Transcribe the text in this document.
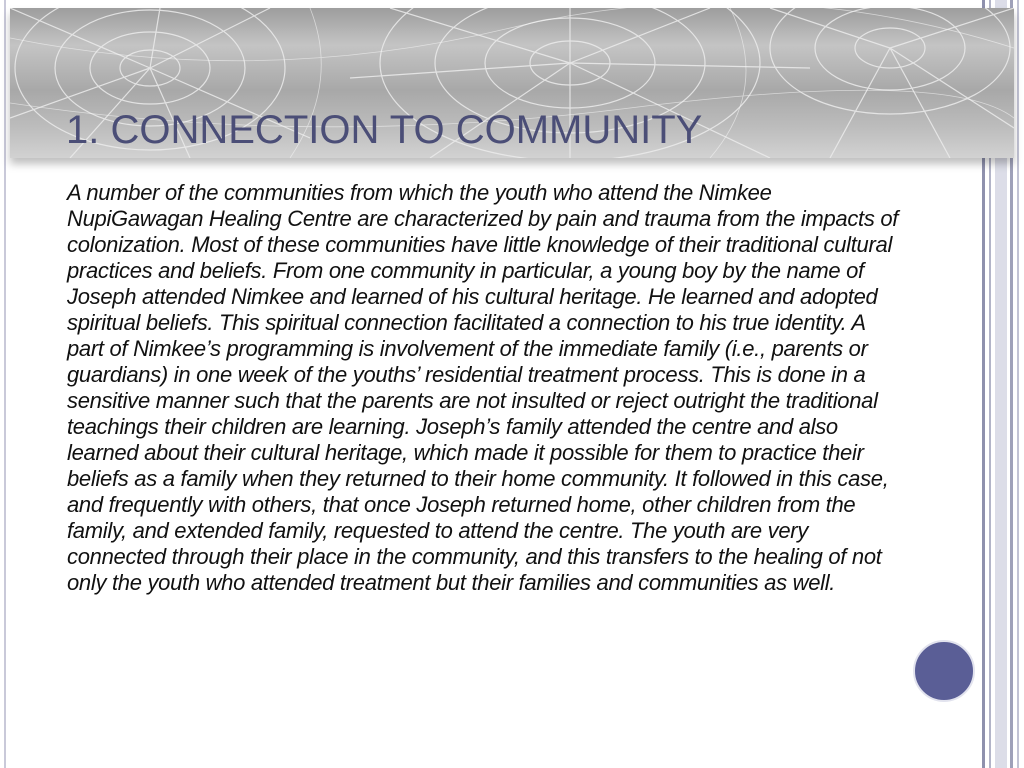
1. CONNECTION TO COMMUNITY

A number of the communities from which the youth who attend the Nimkee NupiGawagan Healing Centre are characterized by pain and trauma from the impacts of colonization. Most of these communities have little knowledge of their traditional cultural practices and beliefs. From one community in particular, a young boy by the name of Joseph attended Nimkee and learned of his cultural heritage. He learned and adopted spiritual beliefs. This spiritual connection facilitated a connection to his true identity. A part of Nimkee’s programming is involvement of the immediate family (i.e., parents or guardians) in one week of the youths’ residential treatment process. This is done in a sensitive manner such that the parents are not insulted or reject outright the traditional teachings their children are learning. Joseph’s family attended the centre and also learned about their cultural heritage, which made it possible for them to practice their beliefs as a family when they returned to their home community. It followed in this case, and frequently with others, that once Joseph returned home, other children from the family, and extended family, requested to attend the centre. The youth are very connected through their place in the community, and this transfers to the healing of not only the youth who attended treatment but their families and communities as well.
